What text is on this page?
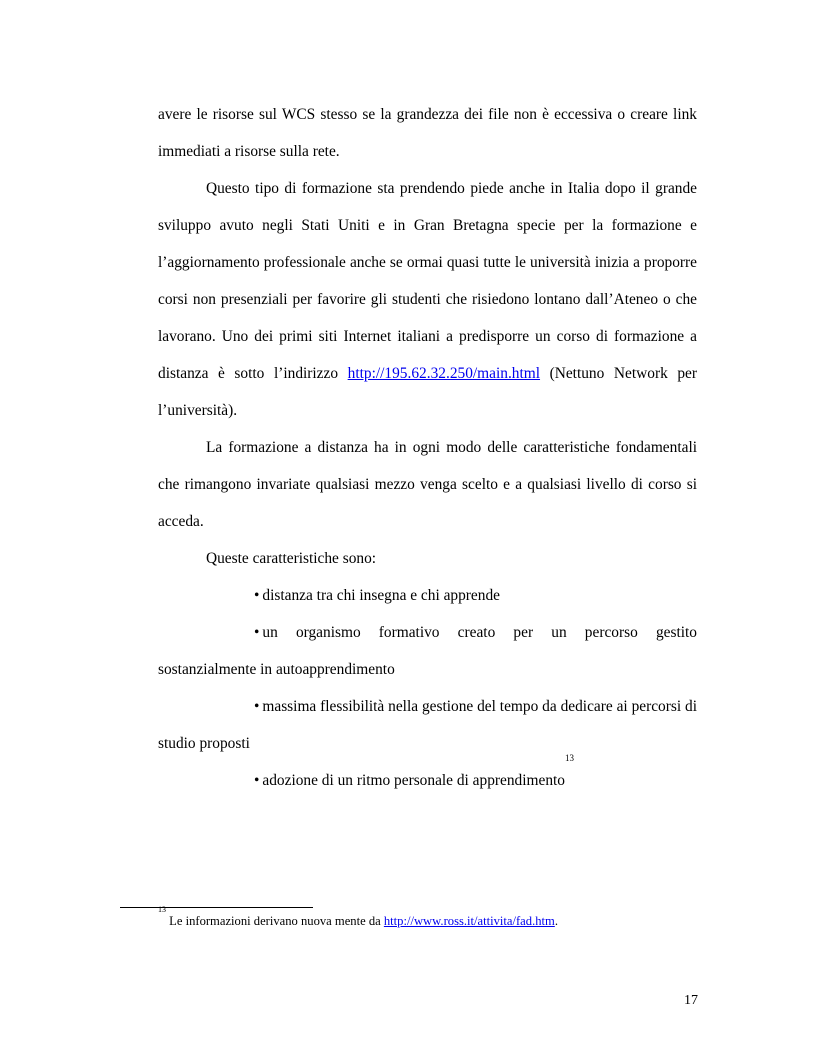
avere le risorse sul WCS stesso se la grandezza dei file non è eccessiva o creare link immediati a risorse sulla rete.

Questo tipo di formazione sta prendendo piede anche in Italia dopo il grande sviluppo avuto negli Stati Uniti e in Gran Bretagna specie per la formazione e l’aggiornamento professionale anche se ormai quasi tutte le università inizia a proporre corsi non presenziali per favorire gli studenti che risiedono lontano dall’Ateneo o che lavorano. Uno dei primi siti Internet italiani a predisporre un corso di formazione a distanza è sotto l’indirizzo http://195.62.32.250/main.html (Nettuno Network per l’università).

La formazione a distanza ha in ogni modo delle caratteristiche fondamentali che rimangono invariate qualsiasi mezzo venga scelto e a qualsiasi livello di corso si acceda.

Queste caratteristiche sono:

• distanza tra chi insegna e chi apprende

• un organismo formativo creato per un percorso gestito sostanzialmente in autoapprendimento

• massima flessibilità nella gestione del tempo da dedicare ai percorsi di studio proposti

• adozione di un ritmo personale di apprendimento$^{13}$

$^{13}$ Le informazioni derivano nuova mente da http://www.ross.it/attivita/fad.htm.
17
